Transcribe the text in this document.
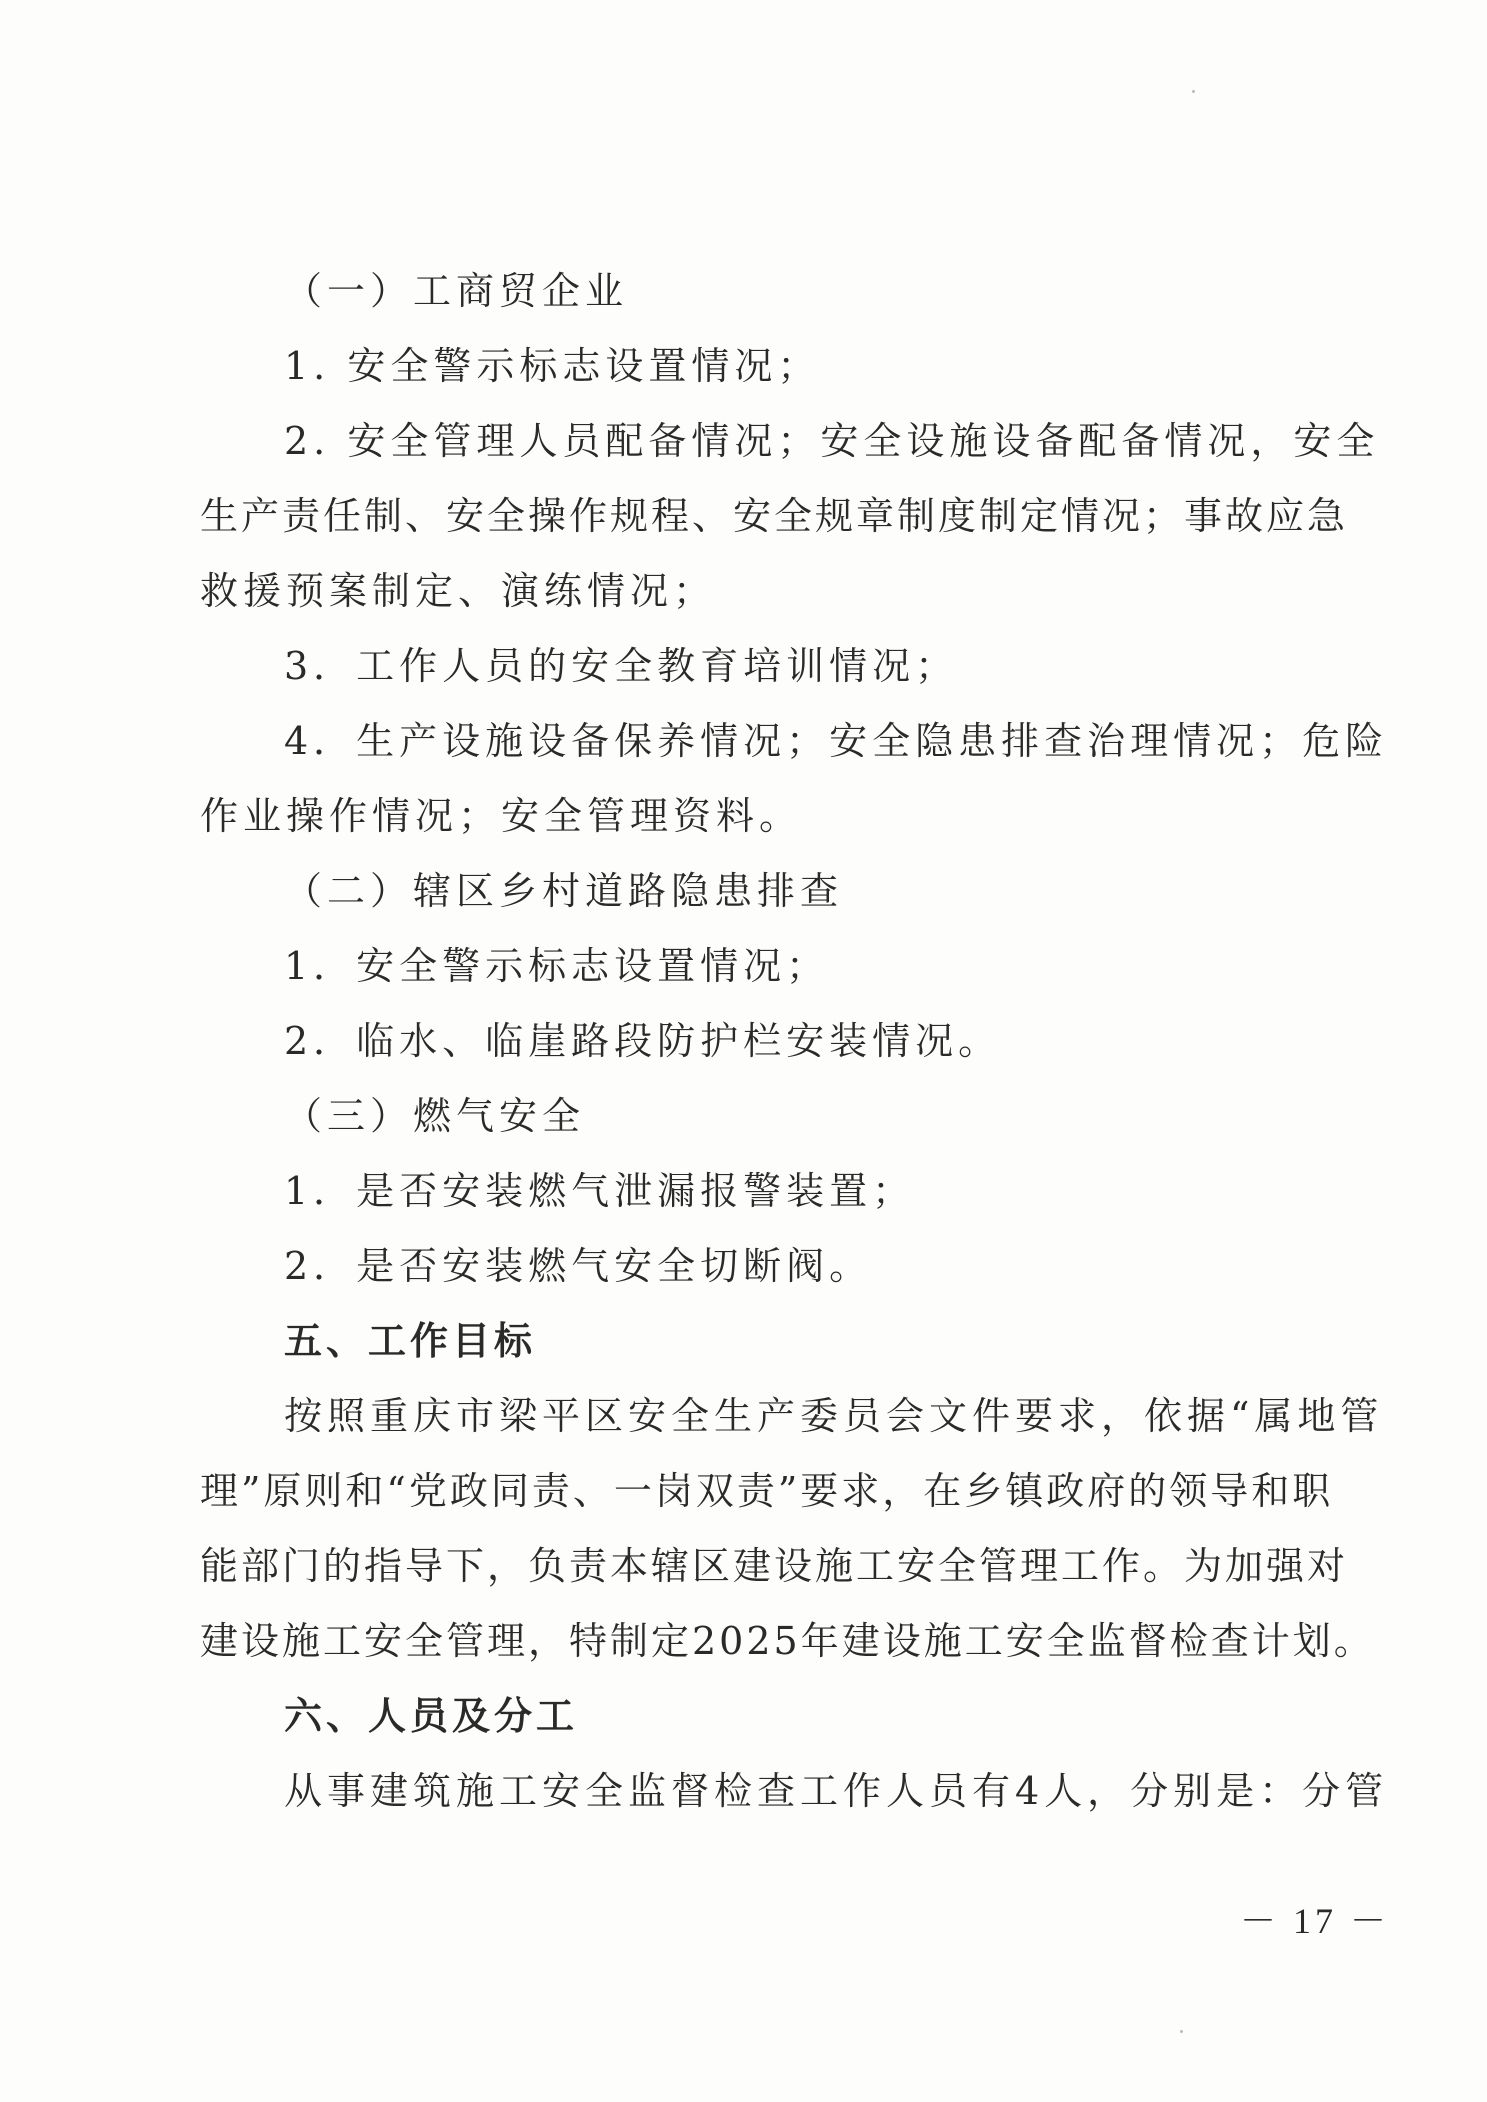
（一）工商贸企业
1. 安全警示标志设置情况；
2. 安全管理人员配备情况；安全设施设备配备情况，安全
生产责任制、安全操作规程、安全规章制度制定情况；事故应急
救援预案制定、演练情况；
3．工作人员的安全教育培训情况；
4．生产设施设备保养情况；安全隐患排查治理情况；危险
作业操作情况；安全管理资料。
（二）辖区乡村道路隐患排查
1．安全警示标志设置情况；
2．临水、临崖路段防护栏安装情况。
（三）燃气安全
1．是否安装燃气泄漏报警装置；
2．是否安装燃气安全切断阀。
五、工作目标
按照重庆市梁平区安全生产委员会文件要求，依据“属地管
理”原则和“党政同责、一岗双责”要求，在乡镇政府的领导和职
能部门的指导下，负责本辖区建设施工安全管理工作。为加强对
建设施工安全管理，特制定2025年建设施工安全监督检查计划。
六、人员及分工
从事建筑施工安全监督检查工作人员有4人，分别是：分管
－ 17 －
